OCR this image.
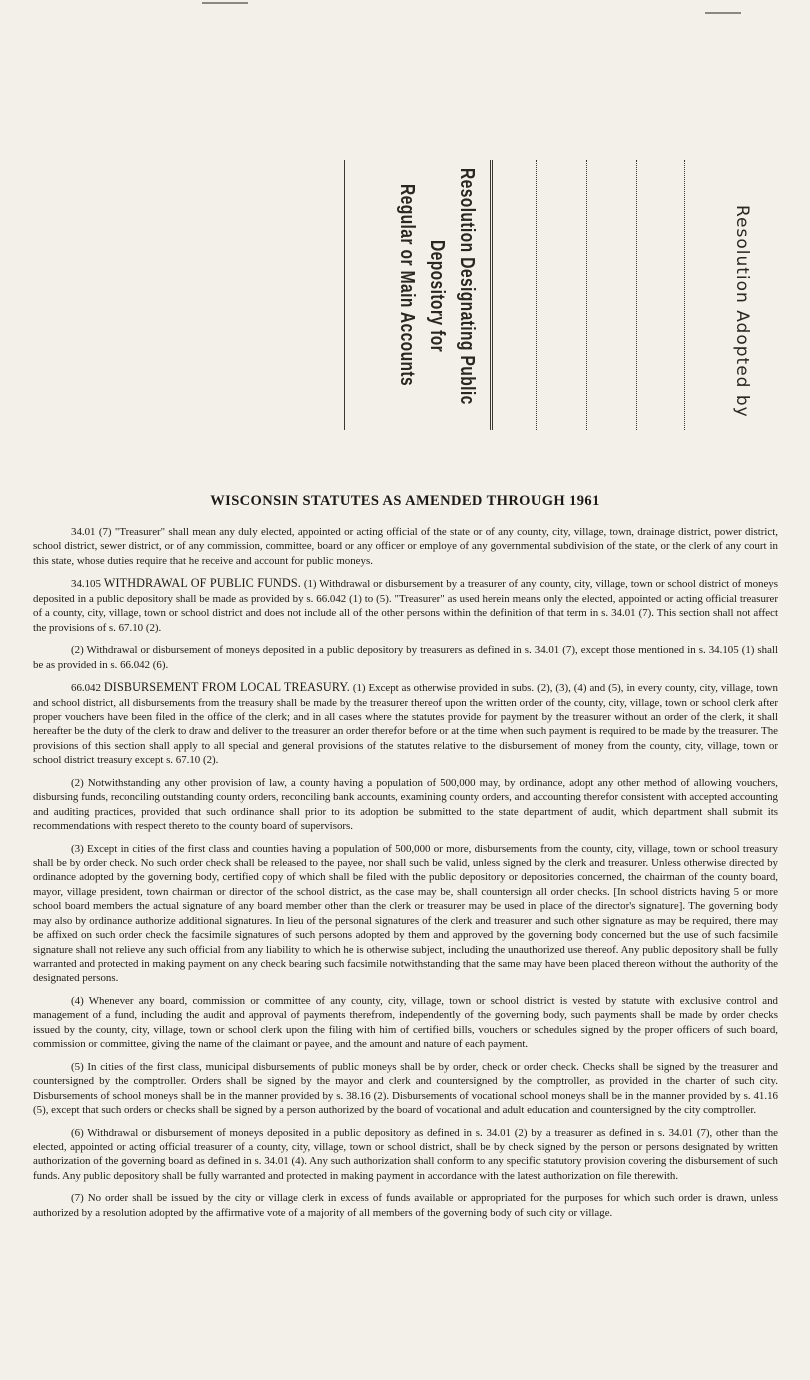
Resolution Designating Public
Depository for
Regular or Main Accounts	Resolution Adopted by
WISCONSIN STATUTES AS AMENDED THROUGH 1961

34.01 (7) "Treasurer" shall mean any duly elected, appointed or acting official of the state or of any county, city, village, town, drainage district, power district, school district, sewer district, or of any commission, committee, board or any officer or employe of any governmental subdivision of the state, or the clerk of any court in this state, whose duties require that he receive and account for public moneys.

34.105 WITHDRAWAL OF PUBLIC FUNDS. (1) Withdrawal or disbursement by a treasurer of any county, city, village, town or school district of moneys deposited in a public depository shall be made as provided by s. 66.042 (1) to (5). "Treasurer" as used herein means only the elected, appointed or acting official treasurer of a county, city, village, town or school district and does not include all of the other persons within the definition of that term in s. 34.01 (7). This section shall not affect the provisions of s. 67.10 (2).

(2) Withdrawal or disbursement of moneys deposited in a public depository by treasurers as defined in s. 34.01 (7), except those mentioned in s. 34.105 (1) shall be as provided in s. 66.042 (6).

66.042 DISBURSEMENT FROM LOCAL TREASURY. (1) Except as otherwise provided in subs. (2), (3), (4) and (5), in every county, city, village, town and school district, all disbursements from the treasury shall be made by the treasurer thereof upon the written order of the county, city, village, town or school clerk after proper vouchers have been filed in the office of the clerk; and in all cases where the statutes provide for payment by the treasurer without an order of the clerk, it shall hereafter be the duty of the clerk to draw and deliver to the treasurer an order therefor before or at the time when such payment is required to be made by the treasurer. The provisions of this section shall apply to all special and general provisions of the statutes relative to the disbursement of money from the county, city, village, town or school district treasury except s. 67.10 (2).

(2) Notwithstanding any other provision of law, a county having a population of 500,000 may, by ordinance, adopt any other method of allowing vouchers, disbursing funds, reconciling outstanding county orders, reconciling bank accounts, examining county orders, and accounting therefor consistent with accepted accounting and auditing practices, provided that such ordinance shall prior to its adoption be submitted to the state department of audit, which department shall submit its recommendations with respect thereto to the county board of supervisors.

(3) Except in cities of the first class and counties having a population of 500,000 or more, disbursements from the county, city, village, town or school treasury shall be by order check. No such order check shall be released to the payee, nor shall such be valid, unless signed by the clerk and treasurer. Unless otherwise directed by ordinance adopted by the governing body, certified copy of which shall be filed with the public depository or depositories concerned, the chairman of the county board, mayor, village president, town chairman or director of the school district, as the case may be, shall countersign all order checks. [In school districts having 5 or more school board members the actual signature of any board member other than the clerk or treasurer may be used in place of the director's signature]. The governing body may also by ordinance authorize additional signatures. In lieu of the personal signatures of the clerk and treasurer and such other signature as may be required, there may be affixed on such order check the facsimile signatures of such persons adopted by them and approved by the governing body concerned but the use of such facsimile signature shall not relieve any such official from any liability to which he is otherwise subject, including the unauthorized use thereof. Any public depository shall be fully warranted and protected in making payment on any check bearing such facsimile notwithstanding that the same may have been placed thereon without the authority of the designated persons.

(4) Whenever any board, commission or committee of any county, city, village, town or school district is vested by statute with exclusive control and management of a fund, including the audit and approval of payments therefrom, independently of the governing body, such payments shall be made by order checks issued by the county, city, village, town or school clerk upon the filing with him of certified bills, vouchers or schedules signed by the proper officers of such board, commission or committee, giving the name of the claimant or payee, and the amount and nature of each payment.

(5) In cities of the first class, municipal disbursements of public moneys shall be by order, check or order check. Checks shall be signed by the treasurer and countersigned by the comptroller. Orders shall be signed by the mayor and clerk and countersigned by the comptroller, as provided in the charter of such city. Disbursements of school moneys shall be in the manner provided by s. 38.16 (2). Disbursements of vocational school moneys shall be in the manner provided by s. 41.16 (5), except that such orders or checks shall be signed by a person authorized by the board of vocational and adult education and countersigned by the city comptroller.

(6) Withdrawal or disbursement of moneys deposited in a public depository as defined in s. 34.01 (2) by a treasurer as defined in s. 34.01 (7), other than the elected, appointed or acting official treasurer of a county, city, village, town or school district, shall be by check signed by the person or persons designated by written authorization of the governing board as defined in s. 34.01 (4). Any such authorization shall conform to any specific statutory provision covering the disbursement of such funds. Any public depository shall be fully warranted and protected in making payment in accordance with the latest authorization on file therewith.

(7) No order shall be issued by the city or village clerk in excess of funds available or appropriated for the purposes for which such order is drawn, unless authorized by a resolution adopted by the affirmative vote of a majority of all members of the governing body of such city or village.
